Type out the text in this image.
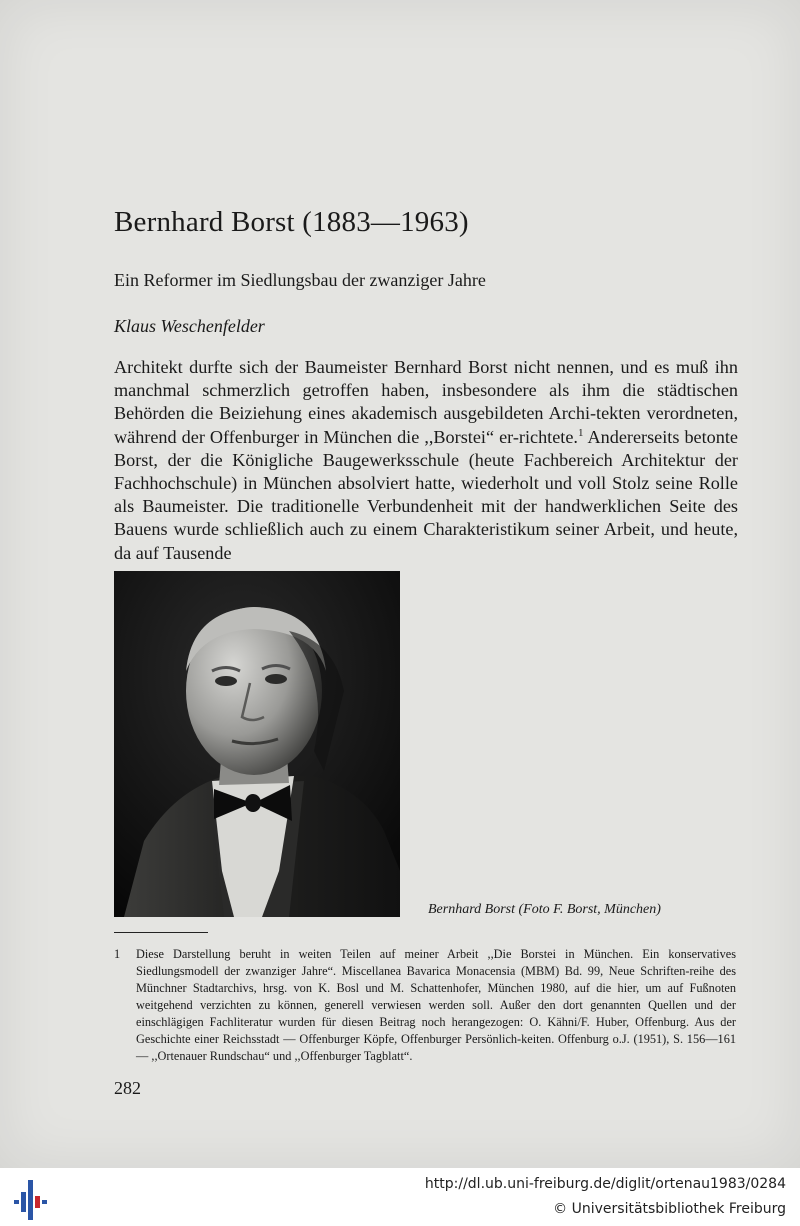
Bernhard Borst (1883—1963)
Ein Reformer im Siedlungsbau der zwanziger Jahre
Klaus Weschenfelder

Architekt durfte sich der Baumeister Bernhard Borst nicht nennen, und es muß ihn manchmal schmerzlich getroffen haben, insbesondere als ihm die städtischen Behörden die Beiziehung eines akademisch ausgebildeten Archi-tekten verordneten, während der Offenburger in München die ,,Borstei“ er-richtete.$^1$ Andererseits betonte Borst, der die Königliche Baugewerksschule (heute Fachbereich Architektur der Fachhochschule) in München absolviert hatte, wiederholt und voll Stolz seine Rolle als Baumeister. Die traditionelle Verbundenheit mit der handwerklichen Seite des Bauens wurde schließlich auch zu einem Charakteristikum seiner Arbeit, und heute, da auf Tausende

Bernhard Borst (Foto F. Borst, München)
1 Diese Darstellung beruht in weiten Teilen auf meiner Arbeit ,,Die Borstei in München. Ein konservatives Siedlungsmodell der zwanziger Jahre“. Miscellanea Bavarica Monacensia (MBM) Bd. 99, Neue Schriften-reihe des Münchner Stadtarchivs, hrsg. von K. Bosl und M. Schattenhofer, München 1980, auf die hier, um auf Fußnoten weitgehend verzichten zu können, generell verwiesen werden soll. Außer den dort genannten Quellen und der einschlägigen Fachliteratur wurden für diesen Beitrag noch herangezogen: O. Kähni/F. Huber, Offenburg. Aus der Geschichte einer Reichsstadt — Offenburger Köpfe, Offenburger Persönlich-keiten. Offenburg o.J. (1951), S. 156—161 — ,,Ortenauer Rundschau“ und ,,Offenburger Tagblatt“.
282
http://dl.ub.uni-freiburg.de/diglit/ortenau1983/0284
© Universitätsbibliothek Freiburg
